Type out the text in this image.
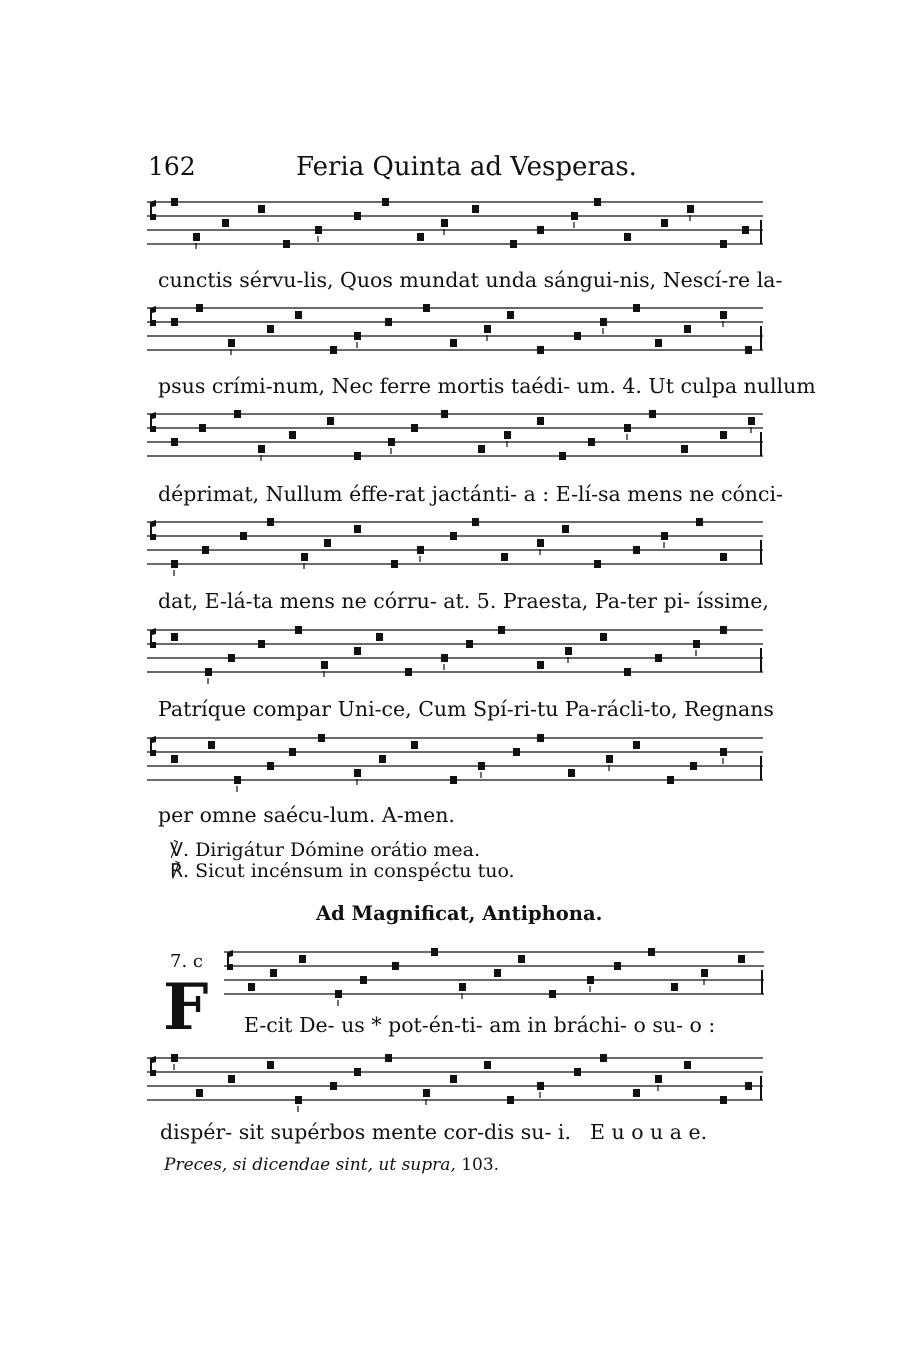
162	Feria Quinta ad Vesperas.
cunctis sérvu-lis, Quos mundat unda sángui-nis, Nescí-re la-
psus crími-num, Nec ferre mortis taédi- um. 4. Ut culpa nullum
déprimat, Nullum éffe-rat jactánti- a : E-lí-sa mens ne cónci-
dat, E-lá-ta mens ne córru- at. 5. Praesta, Pa-ter pi- íssime,
Patríque compar Uni-ce, Cum Spí-ri-tu Pa-rácli-to, Regnans
per omne saécu-lum. A-men.
℣. Dirigátur Dómine orátio mea.
℟. Sicut incénsum in conspéctu tuo.
Ad Magnificat, Antiphona.
7. c
F E-cit De- us * pot-én-ti- am in bráchi- o su- o :
dispér- sit supérbos mente cor-dis su- i. E u o u a e.
Preces, si dicendae sint, ut supra, 103.
